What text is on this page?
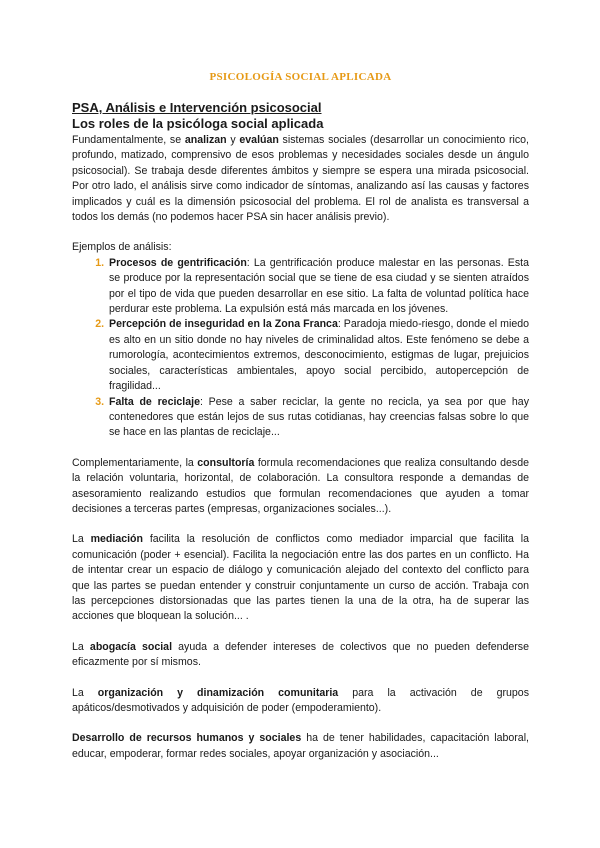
PSICOLOGÍA SOCIAL APLICADA
PSA, Análisis e Intervención psicosocial
Los roles de la psicóloga social aplicada

Fundamentalmente, se analizan y evalúan sistemas sociales (desarrollar un conocimiento rico, profundo, matizado, comprensivo de esos problemas y necesidades sociales desde un ángulo psicosocial). Se trabaja desde diferentes ámbitos y siempre se espera una mirada psicosocial. Por otro lado, el análisis sirve como indicador de síntomas, analizando así las causas y factores implicados y cuál es la dimensión psicosocial del problema. El rol de analista es transversal a todos los demás (no podemos hacer PSA sin hacer análisis previo).

Ejemplos de análisis:

1. Procesos de gentrificación: La gentrificación produce malestar en las personas. Esta se produce por la representación social que se tiene de esa ciudad y se sienten atraídos por el tipo de vida que pueden desarrollar en ese sitio. La falta de voluntad política hace perdurar este problema. La expulsión está más marcada en los jóvenes.
2. Percepción de inseguridad en la Zona Franca: Paradoja miedo-riesgo, donde el miedo es alto en un sitio donde no hay niveles de criminalidad altos. Este fenómeno se debe a rumorología, acontecimientos extremos, desconocimiento, estigmas de lugar, prejuicios sociales, características ambientales, apoyo social percibido, autopercepción de fragilidad...
3. Falta de reciclaje: Pese a saber reciclar, la gente no recicla, ya sea por que hay contenedores que están lejos de sus rutas cotidianas, hay creencias falsas sobre lo que se hace en las plantas de reciclaje...

Complementariamente, la consultoría formula recomendaciones que realiza consultando desde la relación voluntaria, horizontal, de colaboración. La consultora responde a demandas de asesoramiento realizando estudios que formulan recomendaciones que ayuden a tomar decisiones a terceras partes (empresas, organizaciones sociales...).

La mediación facilita la resolución de conflictos como mediador imparcial que facilita la comunicación (poder + esencial). Facilita la negociación entre las dos partes en un conflicto. Ha de intentar crear un espacio de diálogo y comunicación alejado del contexto del conflicto para que las partes se puedan entender y construir conjuntamente un curso de acción. Trabaja con las percepciones distorsionadas que las partes tienen la una de la otra, ha de superar las acciones que bloquean la solución... .

La abogacía social ayuda a defender intereses de colectivos que no pueden defenderse eficazmente por sí mismos.

La organización y dinamización comunitaria para la activación de grupos apáticos/desmotivados y adquisición de poder (empoderamiento).

Desarrollo de recursos humanos y sociales ha de tener habilidades, capacitación laboral, educar, empoderar, formar redes sociales, apoyar organización y asociación...
